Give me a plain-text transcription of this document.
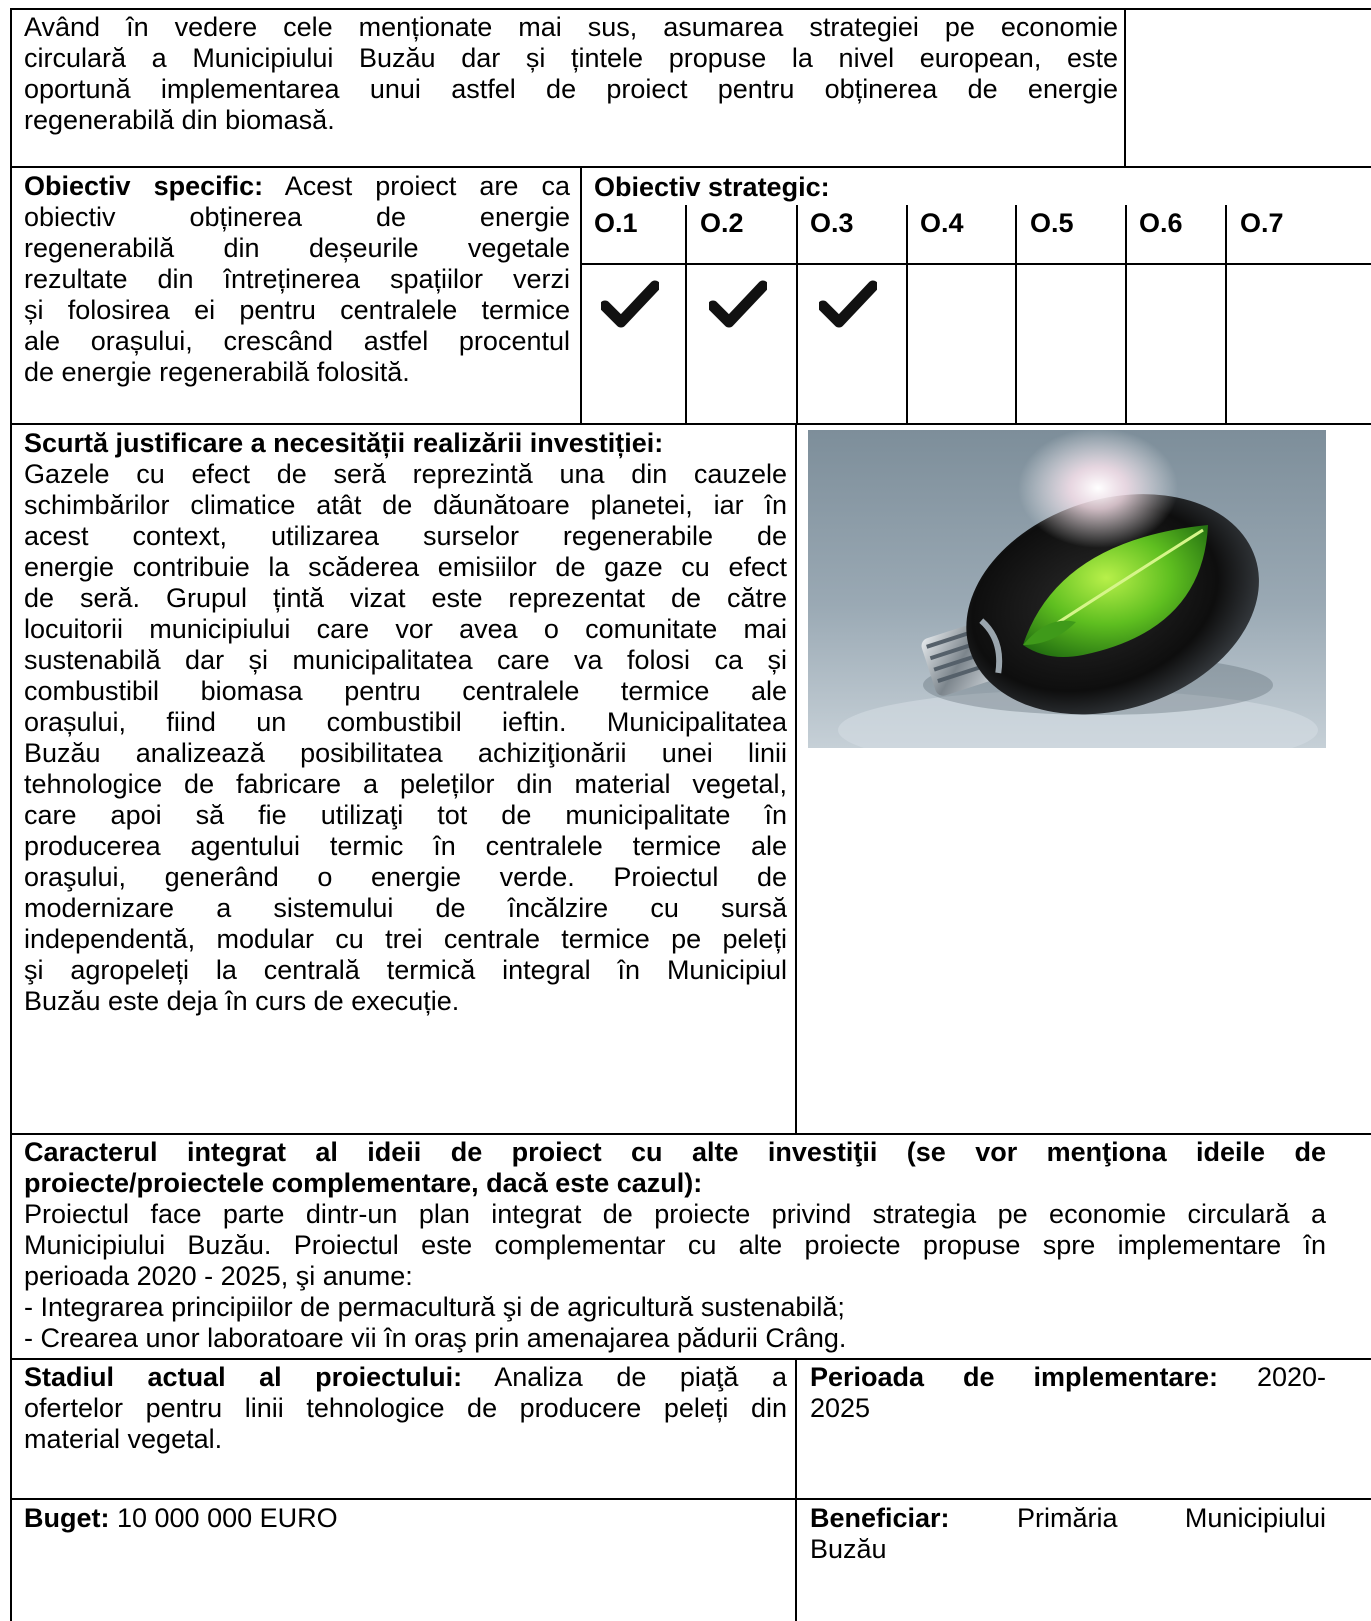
Având în vedere cele menționate mai sus, asumarea strategiei pe economie
circulară a Municipiului Buzău dar și țintele propuse la nivel european, este
oportună implementarea unui astfel de proiect pentru obținerea de energie
regenerabilă din biomasă.
Obiectiv specific: Acest proiect are ca
obiectiv obținerea de energie
regenerabilă din deșeurile vegetale
rezultate din întreținerea spațiilor verzi
și folosirea ei pentru centralele termice
ale orașului, crescând astfel procentul
de energie regenerabilă folosită.
Obiectiv strategic:
O.1 O.2 O.3 O.4 O.5 O.6 O.7
Scurtă justificare a necesității realizării investiției:
Gazele cu efect de seră reprezintă una din cauzele
schimbărilor climatice atât de dăunătoare planetei, iar în
acest context, utilizarea surselor regenerabile de
energie contribuie la scăderea emisiilor de gaze cu efect
de seră. Grupul țintă vizat este reprezentat de către
locuitorii municipiului care vor avea o comunitate mai
sustenabilă dar și municipalitatea care va folosi ca și
combustibil biomasa pentru centralele termice ale
orașului, fiind un combustibil ieftin. Municipalitatea
Buzău analizează posibilitatea achiziţionării unei linii
tehnologice de fabricare a peleților din material vegetal,
care apoi să fie utilizaţi tot de municipalitate în
producerea agentului termic în centralele termice ale
oraşului, generând o energie verde. Proiectul de
modernizare a sistemului de încălzire cu sursă
independentă, modular cu trei centrale termice pe peleți
şi agropeleți la centrală termică integral în Municipiul
Buzău este deja în curs de execuție.
Caracterul integrat al ideii de proiect cu alte investiţii (se vor menţiona ideile de
proiecte/proiectele complementare, dacă este cazul):
Proiectul face parte dintr-un plan integrat de proiecte privind strategia pe economie circulară a
Municipiului Buzău. Proiectul este complementar cu alte proiecte propuse spre implementare în
perioada 2020 - 2025, şi anume:
- Integrarea principiilor de permacultură şi de agricultură sustenabilă;
- Crearea unor laboratoare vii în oraş prin amenajarea pădurii Crâng.
Stadiul actual al proiectului: Analiza de piaţă a
ofertelor pentru linii tehnologice de producere peleți din
material vegetal.
Perioada de implementare: 2020-
2025
Buget: 10 000 000 EURO	Beneficiar: Primăria Municipiului
Buzău
